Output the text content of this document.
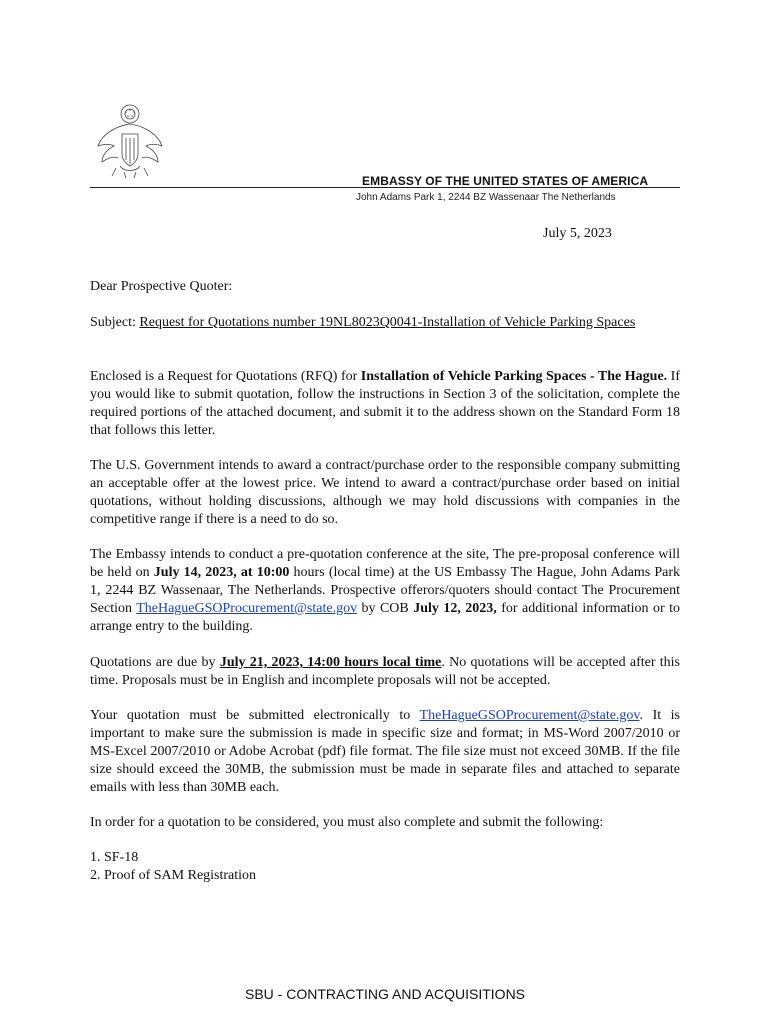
EMBASSY OF THE UNITED STATES OF AMERICA
John Adams Park 1, 2244 BZ Wassenaar The Netherlands
July 5, 2023
Dear Prospective Quoter:
Subject: Request for Quotations number 19NL8023Q0041-Installation of Vehicle Parking Spaces
Enclosed is a Request for Quotations (RFQ) for Installation of Vehicle Parking Spaces - The Hague. If you would like to submit quotation, follow the instructions in Section 3 of the solicitation, complete the required portions of the attached document, and submit it to the address shown on the Standard Form 18 that follows this letter.
The U.S. Government intends to award a contract/purchase order to the responsible company submitting an acceptable offer at the lowest price. We intend to award a contract/purchase order based on initial quotations, without holding discussions, although we may hold discussions with companies in the competitive range if there is a need to do so.
The Embassy intends to conduct a pre-quotation conference at the site, The pre-proposal conference will be held on July 14, 2023, at 10:00 hours (local time) at the US Embassy The Hague, John Adams Park 1, 2244 BZ Wassenaar, The Netherlands. Prospective offerors/quoters should contact The Procurement Section TheHagueGSOProcurement@state.gov by COB July 12, 2023, for additional information or to arrange entry to the building.
Quotations are due by July 21, 2023, 14:00 hours local time. No quotations will be accepted after this time. Proposals must be in English and incomplete proposals will not be accepted.
Your quotation must be submitted electronically to TheHagueGSOProcurement@state.gov. It is important to make sure the submission is made in specific size and format; in MS-Word 2007/2010 or MS-Excel 2007/2010 or Adobe Acrobat (pdf) file format. The file size must not exceed 30MB. If the file size should exceed the 30MB, the submission must be made in separate files and attached to separate emails with less than 30MB each.
In order for a quotation to be considered, you must also complete and submit the following:
1. SF-18
2. Proof of SAM Registration
SBU - CONTRACTING AND ACQUISITIONS
